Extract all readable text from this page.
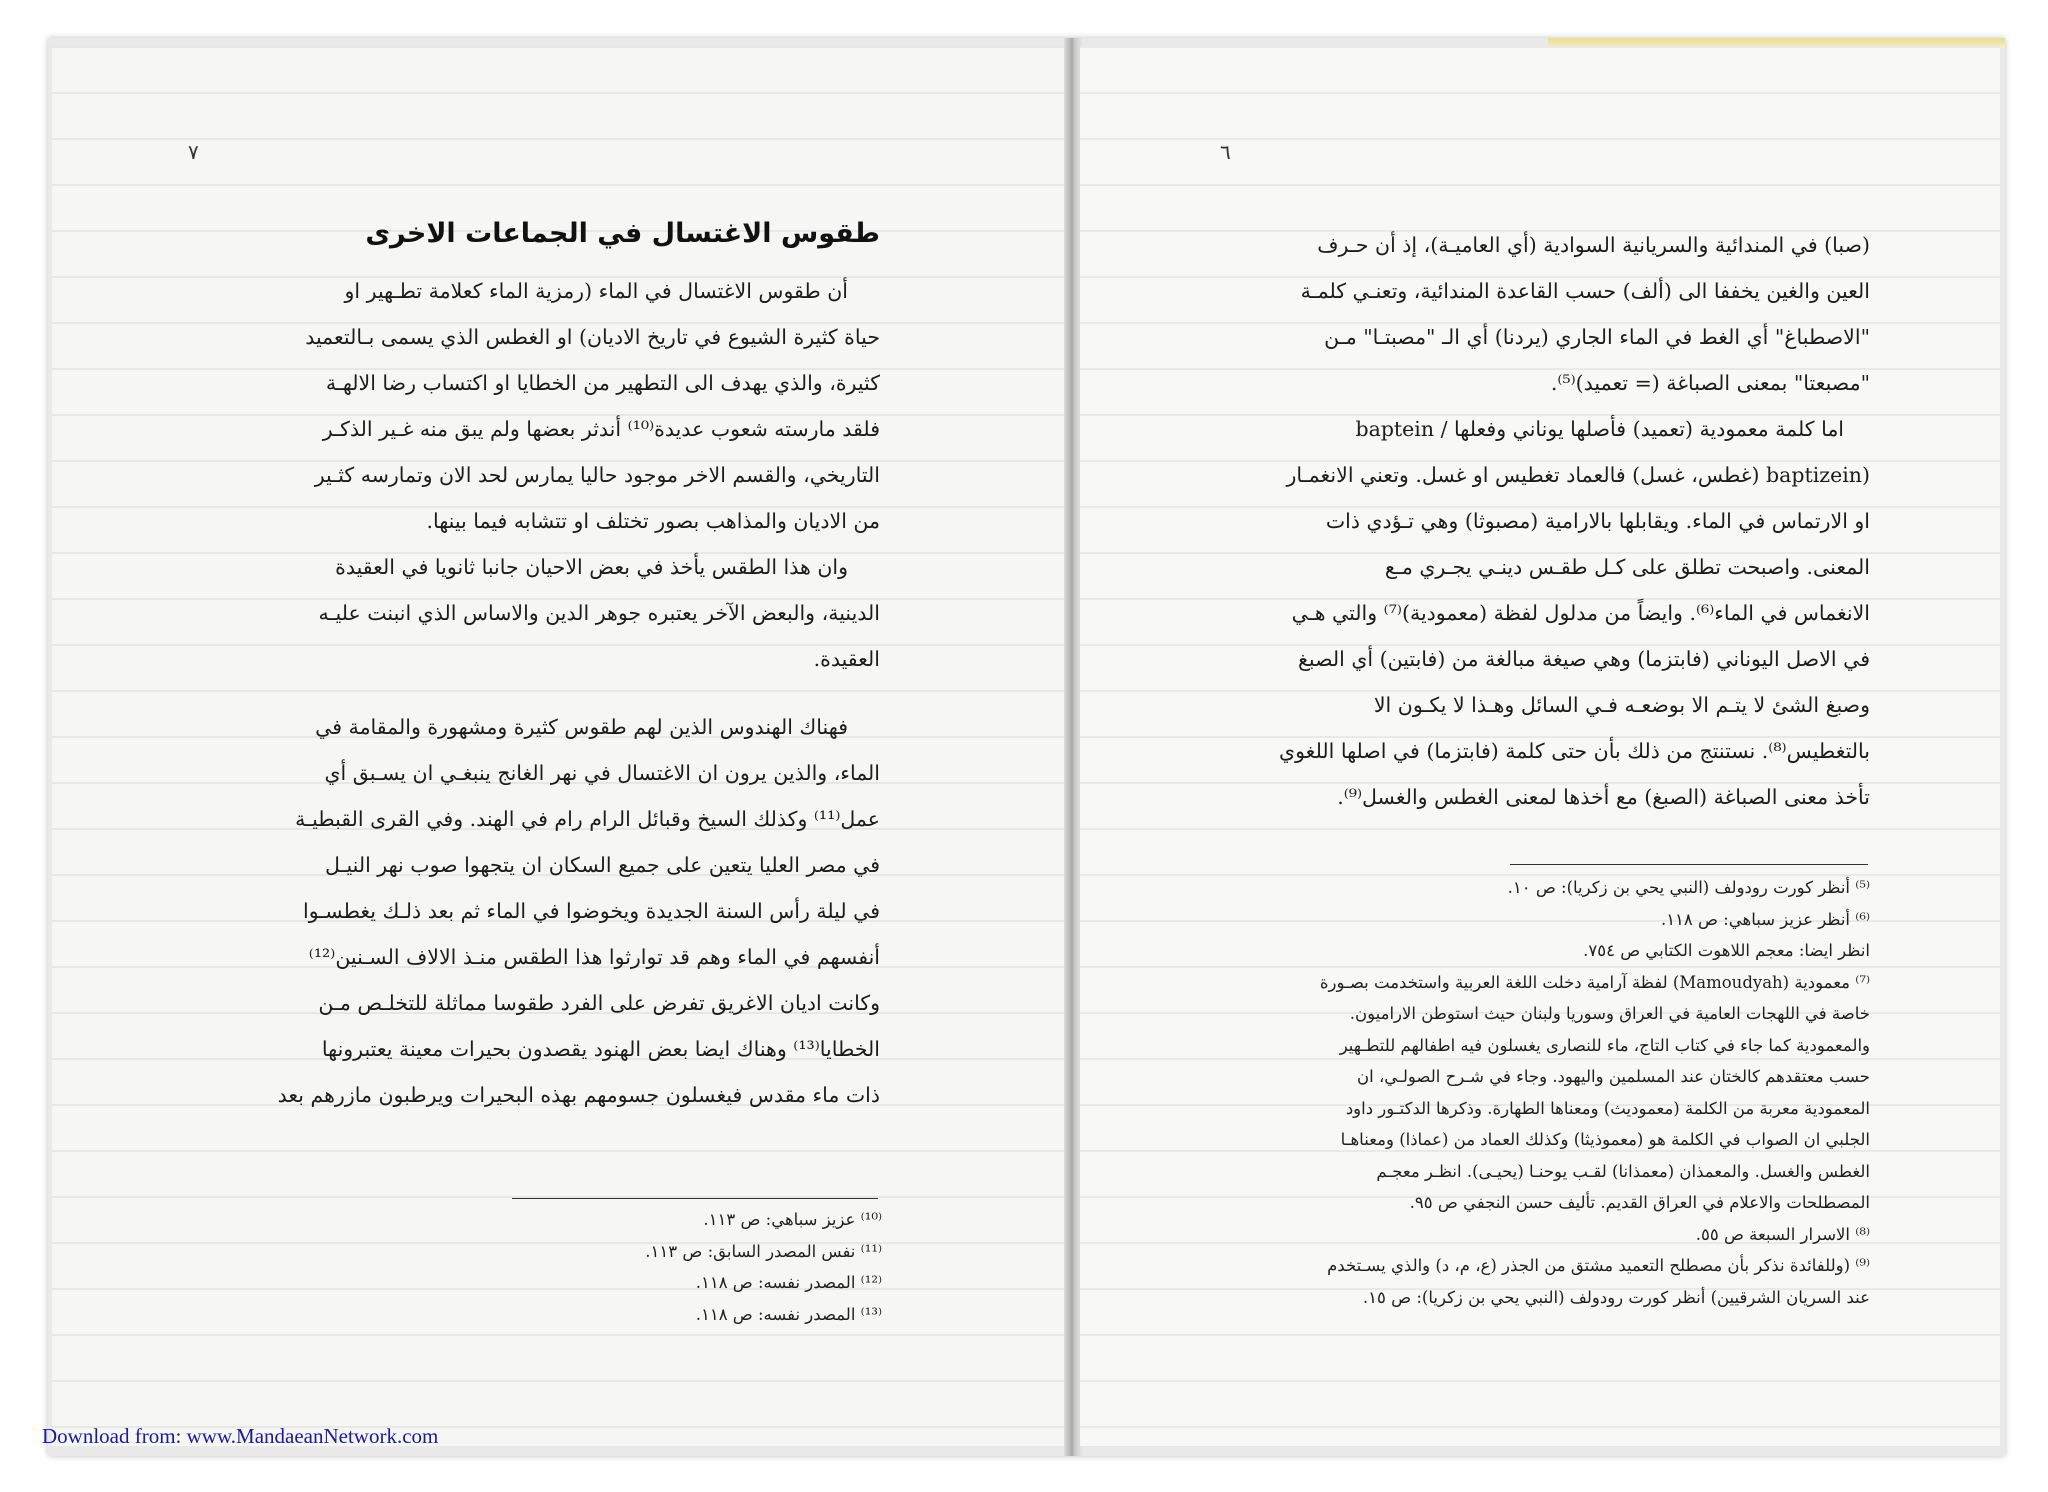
٧
طقوس الاغتسال في الجماعات الاخرى
أن طقوس الاغتسال في الماء (رمزية الماء كعلامة تطـهير او
حياة كثيرة الشيوع في تاريخ الاديان) او الغطس الذي يسمى بـالتعميد
كثيرة، والذي يهدف الى التطهير من الخطايا او اكتساب رضا الالهـة
فلقد مارسته شعوب عديدة⁽¹⁰⁾ أندثر بعضها ولم يبق منه غـير الذكـر
التاريخي، والقسم الاخر موجود حاليا يمارس لحد الان وتمارسه كثـير
من الاديان والمذاهب بصور تختلف او تتشابه فيما بينها.
وان هذا الطقس يأخذ في بعض الاحيان جانبا ثانويا في العقيدة
الدينية، والبعض الآخر يعتبره جوهر الدين والاساس الذي انبنت عليـه
العقيدة.
فهناك الهندوس الذين لهم طقوس كثيرة ومشهورة والمقامة في
الماء، والذين يرون ان الاغتسال في نهر الغانج ينبغـي ان يسـبق أي
عمل⁽¹¹⁾ وكذلك السيخ وقبائل الرام رام في الهند. وفي القرى القبطيـة
في مصر العليا يتعين على جميع السكان ان يتجهوا صوب نهر النيـل
في ليلة رأس السنة الجديدة ويخوضوا في الماء ثم بعد ذلـك يغطسـوا
أنفسهم في الماء وهم قد توارثوا هذا الطقس منـذ الالاف السـنين⁽¹²⁾
وكانت اديان الاغريق تفرض على الفرد طقوسا مماثلة للتخلـص مـن
الخطايا⁽¹³⁾ وهناك ايضا بعض الهنود يقصدون بحيرات معينة يعتبرونها
ذات ماء مقدس فيغسلون جسومهم بهذه البحيرات ويرطبون مازرهم بعد
⁽¹⁰⁾ عزيز سباهي: ص ١١٣.
⁽¹¹⁾ نفس المصدر السابق: ص ١١٣.
⁽¹²⁾ المصدر نفسه: ص ١١٨.
⁽¹³⁾ المصدر نفسه: ص ١١٨.
٦
(صبا) في المندائية والسريانية السوادية (أي العاميـة)، إذ أن حـرف
العين والغين يخففا الى (ألف) حسب القاعدة المندائية، وتعنـي كلمـة
"الاصطباغ" أي الغط في الماء الجاري (يردنا) أي الـ "مصبتـا" مـن
"مصبعتا" بمعنى الصباغة (= تعميد)⁽⁵⁾.
اما كلمة معمودية (تعميد) فأصلها يوناني وفعلها / baptein
(baptizein (غطس، غسل) فالعماد تغطيس او غسل. وتعني الانغمـار
او الارتماس في الماء. ويقابلها بالارامية (مصبوثا) وهي تـؤدي ذات
المعنى. واصبحت تطلق على كـل طقـس دينـي يجـري مـع
الانغماس في الماء⁽⁶⁾. وايضاً من مدلول لفظة (معمودية)⁽⁷⁾ والتي هـي
في الاصل اليوناني (فابتزما) وهي صيغة مبالغة من (فابتين) أي الصبغ
وصبغ الشئ لا يتـم الا بوضعـه فـي السائل وهـذا لا يكـون الا
بالتغطيس⁽⁸⁾. نستنتج من ذلك بأن حتى كلمة (فابتزما) في اصلها اللغوي
تأخذ معنى الصباغة (الصبغ) مع أخذها لمعنى الغطس والغسل⁽⁹⁾.
⁽⁵⁾ أنظر كورت رودولف (النبي يحي بن زكريا): ص ١٠.
⁽⁶⁾ أنظر عزيز سباهي: ص ١١٨.
انظر ايضا: معجم اللاهوت الكتابي ص ٧٥٤.
⁽⁷⁾ معمودية (Mamoudyah) لفظة آرامية دخلت اللغة العربية واستخدمت بصـورة
خاصة في اللهجات العامية في العراق وسوريا ولبنان حيث استوطن الاراميون.
والمعمودية كما جاء في كتاب التاج، ماء للنصارى يغسلون فيه اطفالهم للتطـهير
حسب معتقدهم كالختان عند المسلمين واليهود. وجاء في شـرح الصولـي، ان
المعمودية معربة من الكلمة (معموديث) ومعناها الطهارة. وذكرها الدكتـور داود
الجلبي ان الصواب في الكلمة هو (معموذيثا) وكذلك العماد من (عماذا) ومعناهـا
الغطس والغسل. والمعمذان (معمذانا) لقـب يوحنـا (يحيـى). انظـر معجـم
المصطلحات والاعلام في العراق القديم. تأليف حسن النجفي ص ٩٥.
⁽⁸⁾ الاسرار السبعة ص ٥٥.
⁽⁹⁾ (وللفائدة نذكر بأن مصطلح التعميد مشتق من الجذر (ع، م، د) والذي يسـتخدم
عند السريان الشرقيين) أنظر كورت رودولف (النبي يحي بن زكريا): ص ١٥.
Download from: www.MandaeanNetwork.com
